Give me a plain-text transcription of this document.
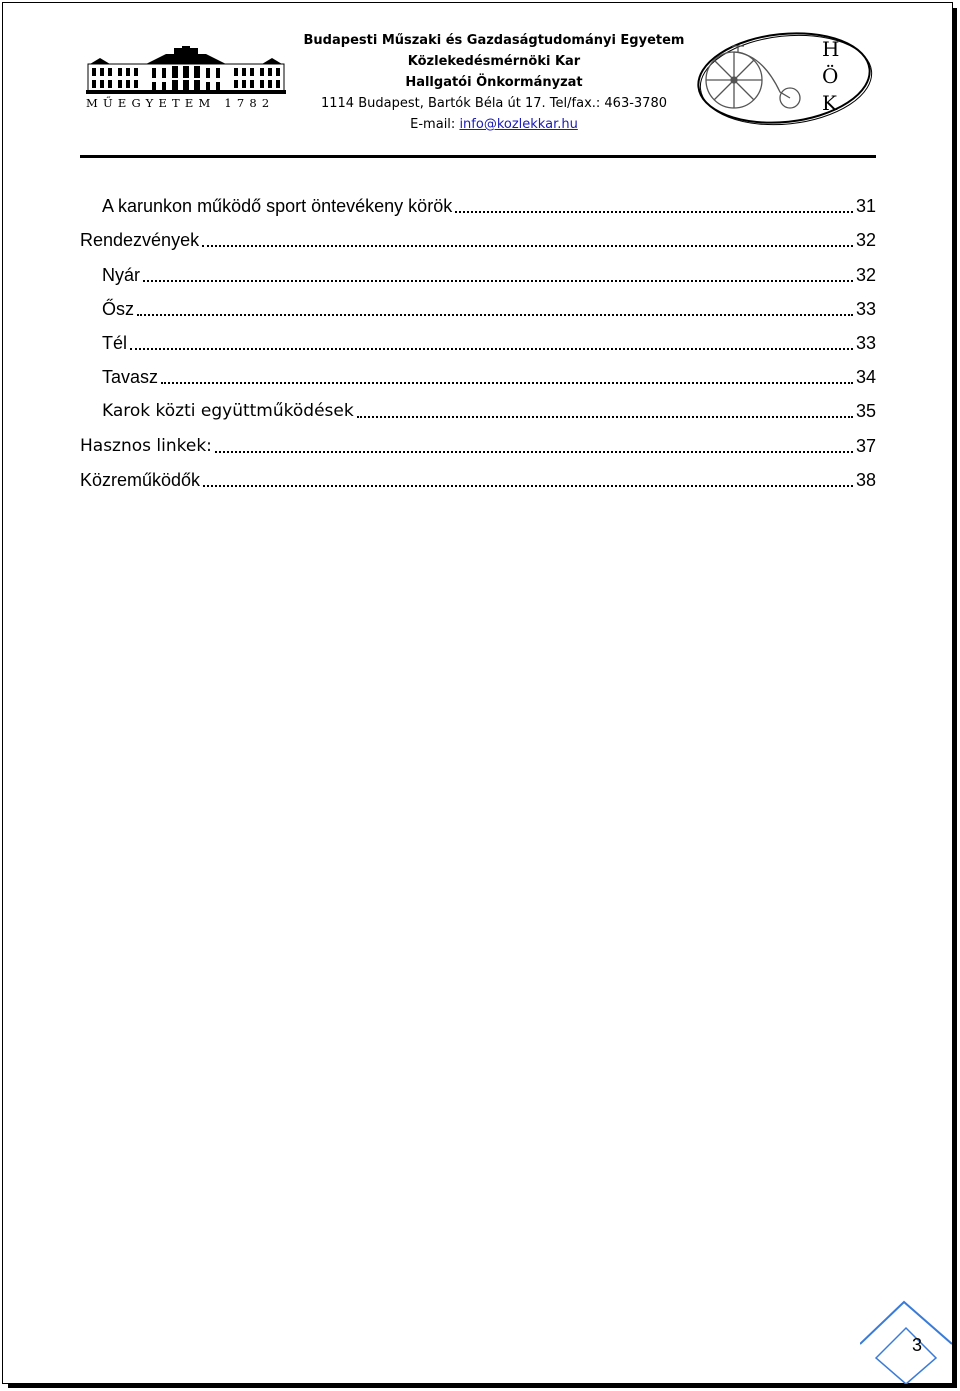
MŰEGYETEM 1782
Budapesti Műszaki és Gazdaságtudományi Egyetem
Közlekedésmérnöki Kar
Hallgatói Önkormányzat
1114 Budapest, Bartók Béla út 17. Tel/fax.: 463-3780
E-mail: info@kozlekkar.hu
H
Ö
K
A karunkon működő sport öntevékeny körök	31
Rendezvények	32
Nyár	32
Ősz	33
Tél	33
Tavasz	34
Karok közti együttműködések	35
Hasznos linkek:	37
Közreműködők	38
3
